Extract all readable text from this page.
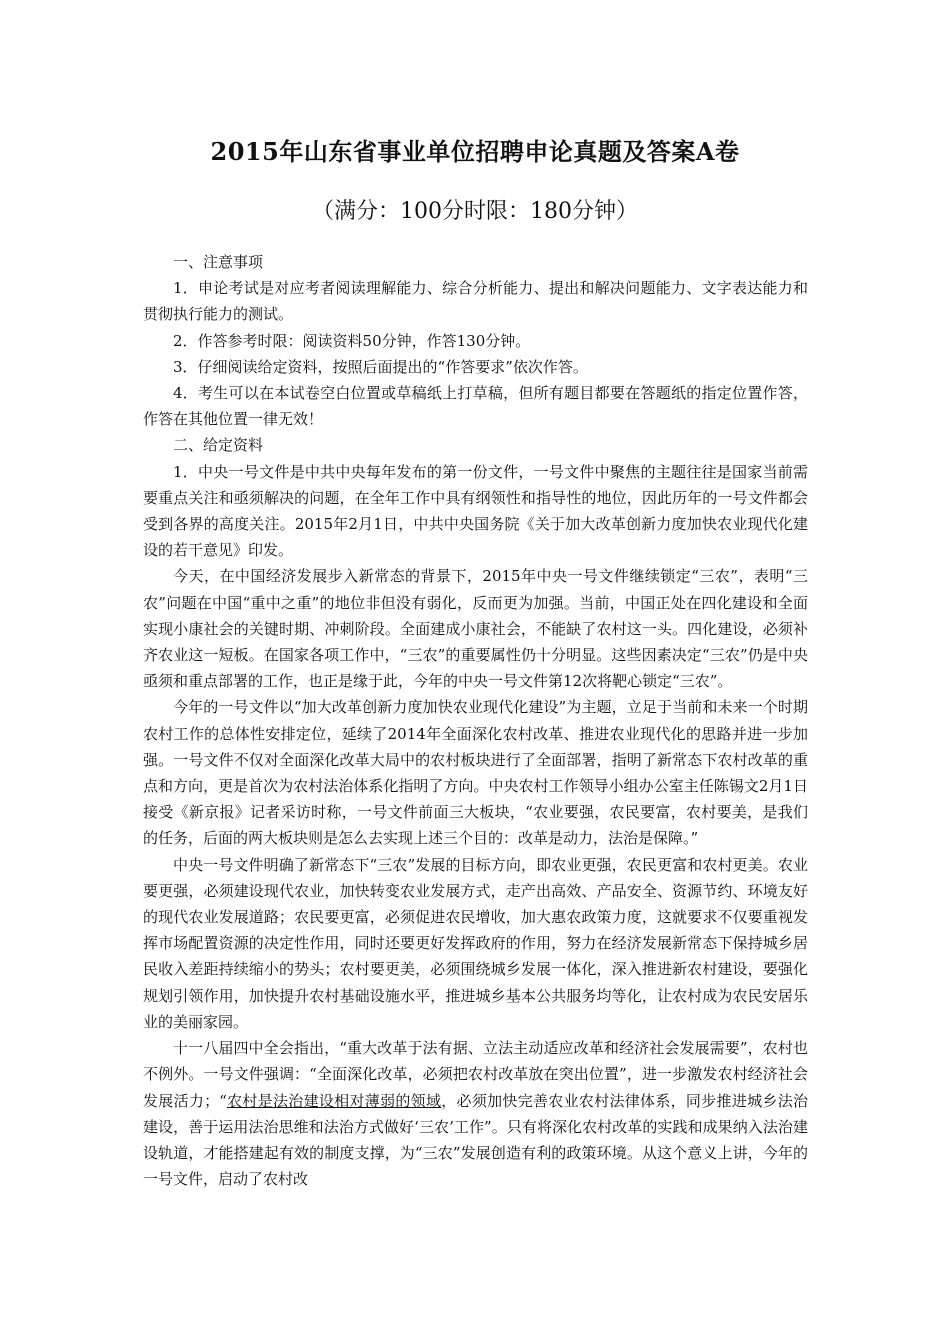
2015年山东省事业单位招聘申论真题及答案A卷
（满分：100分时限：180分钟）

一、注意事项

1．申论考试是对应考者阅读理解能力、综合分析能力、提出和解决问题能力、文字表达能力和贯彻执行能力的测试。

2．作答参考时限：阅读资料50分钟，作答130分钟。

3．仔细阅读给定资料，按照后面提出的“作答要求”依次作答。

4．考生可以在本试卷空白位置或草稿纸上打草稿，但所有题目都要在答题纸的指定位置作答，作答在其他位置一律无效！

二、给定资料

1．中央一号文件是中共中央每年发布的第一份文件，一号文件中聚焦的主题往往是国家当前需要重点关注和亟须解决的问题，在全年工作中具有纲领性和指导性的地位，因此历年的一号文件都会受到各界的高度关注。2015年2月1日，中共中央国务院《关于加大改革创新力度加快农业现代化建设的若干意见》印发。

今天，在中国经济发展步入新常态的背景下，2015年中央一号文件继续锁定“三农”，表明“三农”问题在中国“重中之重”的地位非但没有弱化，反而更为加强。当前，中国正处在四化建设和全面实现小康社会的关键时期、冲刺阶段。全面建成小康社会，不能缺了农村这一头。四化建设，必须补齐农业这一短板。在国家各项工作中，“三农”的重要属性仍十分明显。这些因素决定“三农”仍是中央亟须和重点部署的工作，也正是缘于此，今年的中央一号文件第12次将靶心锁定“三农”。

今年的一号文件以“加大改革创新力度加快农业现代化建设”为主题，立足于当前和未来一个时期农村工作的总体性安排定位，延续了2014年全面深化农村改革、推进农业现代化的思路并进一步加强。一号文件不仅对全面深化改革大局中的农村板块进行了全面部署，指明了新常态下农村改革的重点和方向，更是首次为农村法治体系化指明了方向。中央农村工作领导小组办公室主任陈锡文2月1日接受《新京报》记者采访时称，一号文件前面三大板块，“农业要强，农民要富，农村要美，是我们的任务，后面的两大板块则是怎么去实现上述三个目的：改革是动力，法治是保障。”

中央一号文件明确了新常态下“三农”发展的目标方向，即农业更强，农民更富和农村更美。农业要更强，必须建设现代农业，加快转变农业发展方式，走产出高效、产品安全、资源节约、环境友好的现代农业发展道路；农民要更富，必须促进农民增收，加大惠农政策力度，这就要求不仅要重视发挥市场配置资源的决定性作用，同时还要更好发挥政府的作用，努力在经济发展新常态下保持城乡居民收入差距持续缩小的势头；农村要更美，必须围绕城乡发展一体化，深入推进新农村建设，要强化规划引领作用，加快提升农村基础设施水平，推进城乡基本公共服务均等化，让农村成为农民安居乐业的美丽家园。

十一八届四中全会指出，“重大改革于法有据、立法主动适应改革和经济社会发展需要”，农村也不例外。一号文件强调：“全面深化改革，必须把农村改革放在突出位置”，进一步激发农村经济社会发展活力；“农村是法治建设相对薄弱的领域，必须加快完善农业农村法律体系，同步推进城乡法治建设，善于运用法治思维和法治方式做好‘三农’工作”。只有将深化农村改革的实践和成果纳入法治建设轨道，才能搭建起有效的制度支撑，为“三农”发展创造有利的政策环境。从这个意义上讲，今年的一号文件，启动了农村改
